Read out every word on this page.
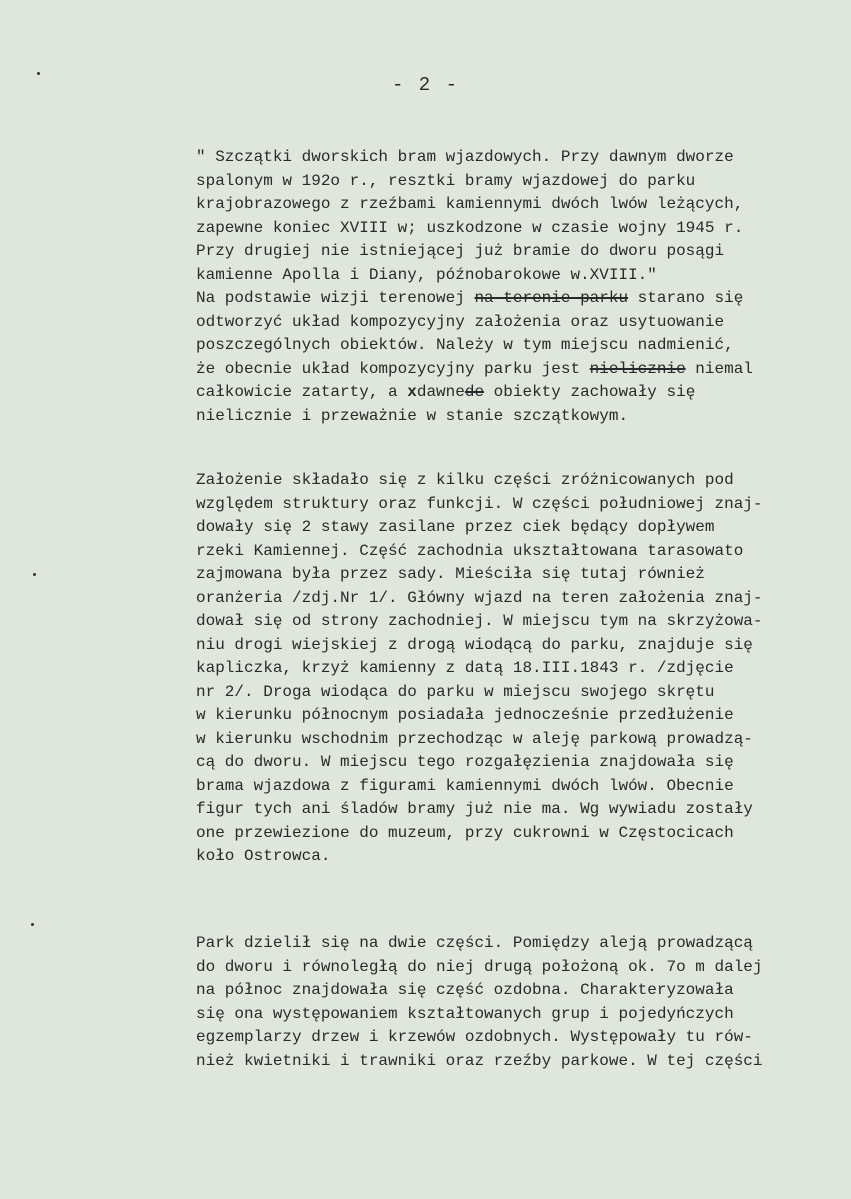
- 2 -
" Szczątki dworskich bram wjazdowych. Przy dawnym dworze
spalonym w 192o r., resztki bramy wjazdowej do parku
krajobrazowego z rzeźbami kamiennymi dwóch lwów leżących,
zapewne koniec XVIII w; uszkodzone w czasie wojny 1945 r.
Przy drugiej nie istniejącej już bramie do dworu posągi
kamienne Apolla i Diany, późnobarokowe w.XVIII."
Na podstawie wizji terenowej na terenie parku starano się
odtworzyć układ kompozycyjny założenia oraz usytuowanie
poszczególnych obiektów. Należy w tym miejscu nadmienić,
że obecnie układ kompozycyjny parku jest nielicznie niemal
całkowicie zatarty, a xdawnede obiekty zachowały się
nielicznie i przeważnie w stanie szczątkowym.
Założenie składało się z kilku części zróżnicowanych pod
względem struktury oraz funkcji. W części południowej znaj-
dowały się 2 stawy zasilane przez ciek będący dopływem
rzeki Kamiennej. Część zachodnia ukształtowana tarasowato
zajmowana była przez sady. Mieściła się tutaj również
oranżeria /zdj.Nr 1/. Główny wjazd na teren założenia znaj-
dował się od strony zachodniej. W miejscu tym na skrzyżowa-
niu drogi wiejskiej z drogą wiodącą do parku, znajduje się
kapliczka, krzyż kamienny z datą 18.III.1843 r. /zdjęcie
nr 2/. Droga wiodąca do parku w miejscu swojego skrętu
w kierunku północnym posiadała jednocześnie przedłużenie
w kierunku wschodnim przechodząc w aleję parkową prowadzą-
cą do dworu. W miejscu tego rozgałęzienia znajdowała się
brama wjazdowa z figurami kamiennymi dwóch lwów. Obecnie
figur tych ani śladów bramy już nie ma. Wg wywiadu zostały
one przewiezione do muzeum, przy cukrowni w Częstocicach
koło Ostrowca.
Park dzielił się na dwie części. Pomiędzy aleją prowadzącą
do dworu i równoległą do niej drugą położoną ok. 7o m dalej
na północ znajdowała się część ozdobna. Charakteryzowała
się ona występowaniem kształtowanych grup i pojedyńczych
egzemplarzy drzew i krzewów ozdobnych. Występowały tu rów-
nież kwietniki i trawniki oraz rzeźby parkowe. W tej części
